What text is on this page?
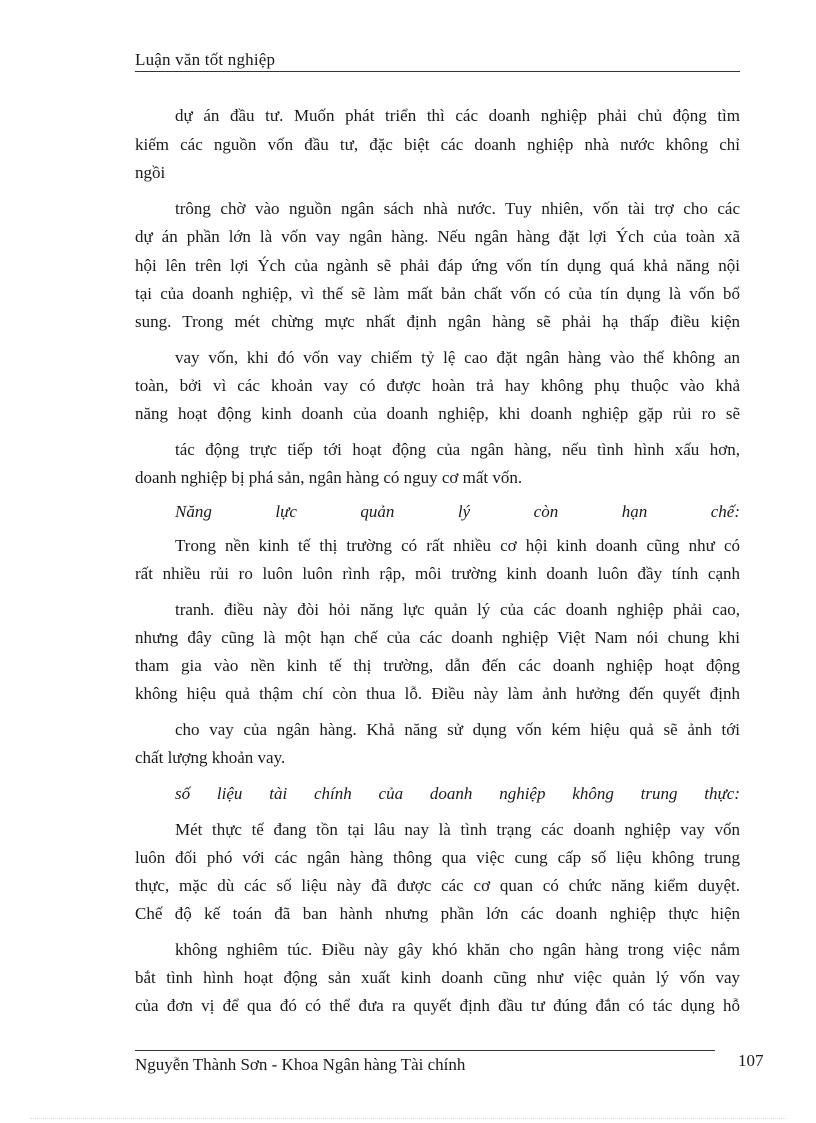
Luận văn tốt nghiệp
dự án đầu tư. Muốn phát triển thì các doanh nghiệp phải chủ động tìm
kiếm các nguồn vốn đầu tư, đặc biệt các doanh nghiệp nhà nước không chỉ
ngồi
trông chờ vào nguồn ngân sách nhà nước. Tuy nhiên, vốn tài trợ cho các
dự án phần lớn là vốn vay ngân hàng. Nếu ngân hàng đặt lợi Ých của toàn xã
hội lên trên lợi Ých của ngành sẽ phải đáp ứng vốn tín dụng quá khả năng nội
tại của doanh nghiệp, vì thế sẽ làm mất bản chất vốn có của tín dụng là vốn bổ
sung. Trong mét chừng mực nhất định ngân hàng sẽ phải hạ thấp điều kiện
vay vốn, khi đó vốn vay chiếm tỷ lệ cao đặt ngân hàng vào thế không an
toàn, bởi vì các khoản vay có được hoàn trả hay không phụ thuộc vào khả
năng hoạt động kinh doanh của doanh nghiệp, khi doanh nghiệp gặp rủi ro sẽ
tác động trực tiếp tới hoạt động của ngân hàng, nếu tình hình xấu hơn,
doanh nghiệp bị phá sản, ngân hàng có nguy cơ mất vốn.
Năng lực quản lý còn hạn chế:
Trong nền kinh tế thị trường có rất nhiều cơ hội kinh doanh cũng như có
rất nhiều rủi ro luôn luôn rình rập, môi trường kinh doanh luôn đầy tính cạnh
tranh. điều này đòi hỏi năng lực quản lý của các doanh nghiệp phải cao,
nhưng đây cũng là một hạn chế của các doanh nghiệp Việt Nam nói chung khi
tham gia vào nền kinh tế thị trường, dẫn đến các doanh nghiệp hoạt động
không hiệu quả thậm chí còn thua lỗ. Điều này làm ảnh hưởng đến quyết định
cho vay của ngân hàng. Khả năng sử dụng vốn kém hiệu quả sẽ ảnh tới
chất lượng khoản vay.
số liệu tài chính của doanh nghiệp không trung thực:
Mét thực tế đang tồn tại lâu nay là tình trạng các doanh nghiệp vay vốn
luôn đối phó với các ngân hàng thông qua việc cung cấp số liệu không trung
thực, mặc dù các số liệu này đã được các cơ quan có chức năng kiểm duyệt.
Chế độ kế toán đã ban hành nhưng phần lớn các doanh nghiệp thực hiện
không nghiêm túc. Điều này gây khó khăn cho ngân hàng trong việc nắm
bắt tình hình hoạt động sản xuất kinh doanh cũng như việc quản lý vốn vay
của đơn vị để qua đó có thể đưa ra quyết định đầu tư đúng đắn có tác dụng hỗ
Nguyễn Thành Sơn - Khoa Ngân hàng Tài chính	107
